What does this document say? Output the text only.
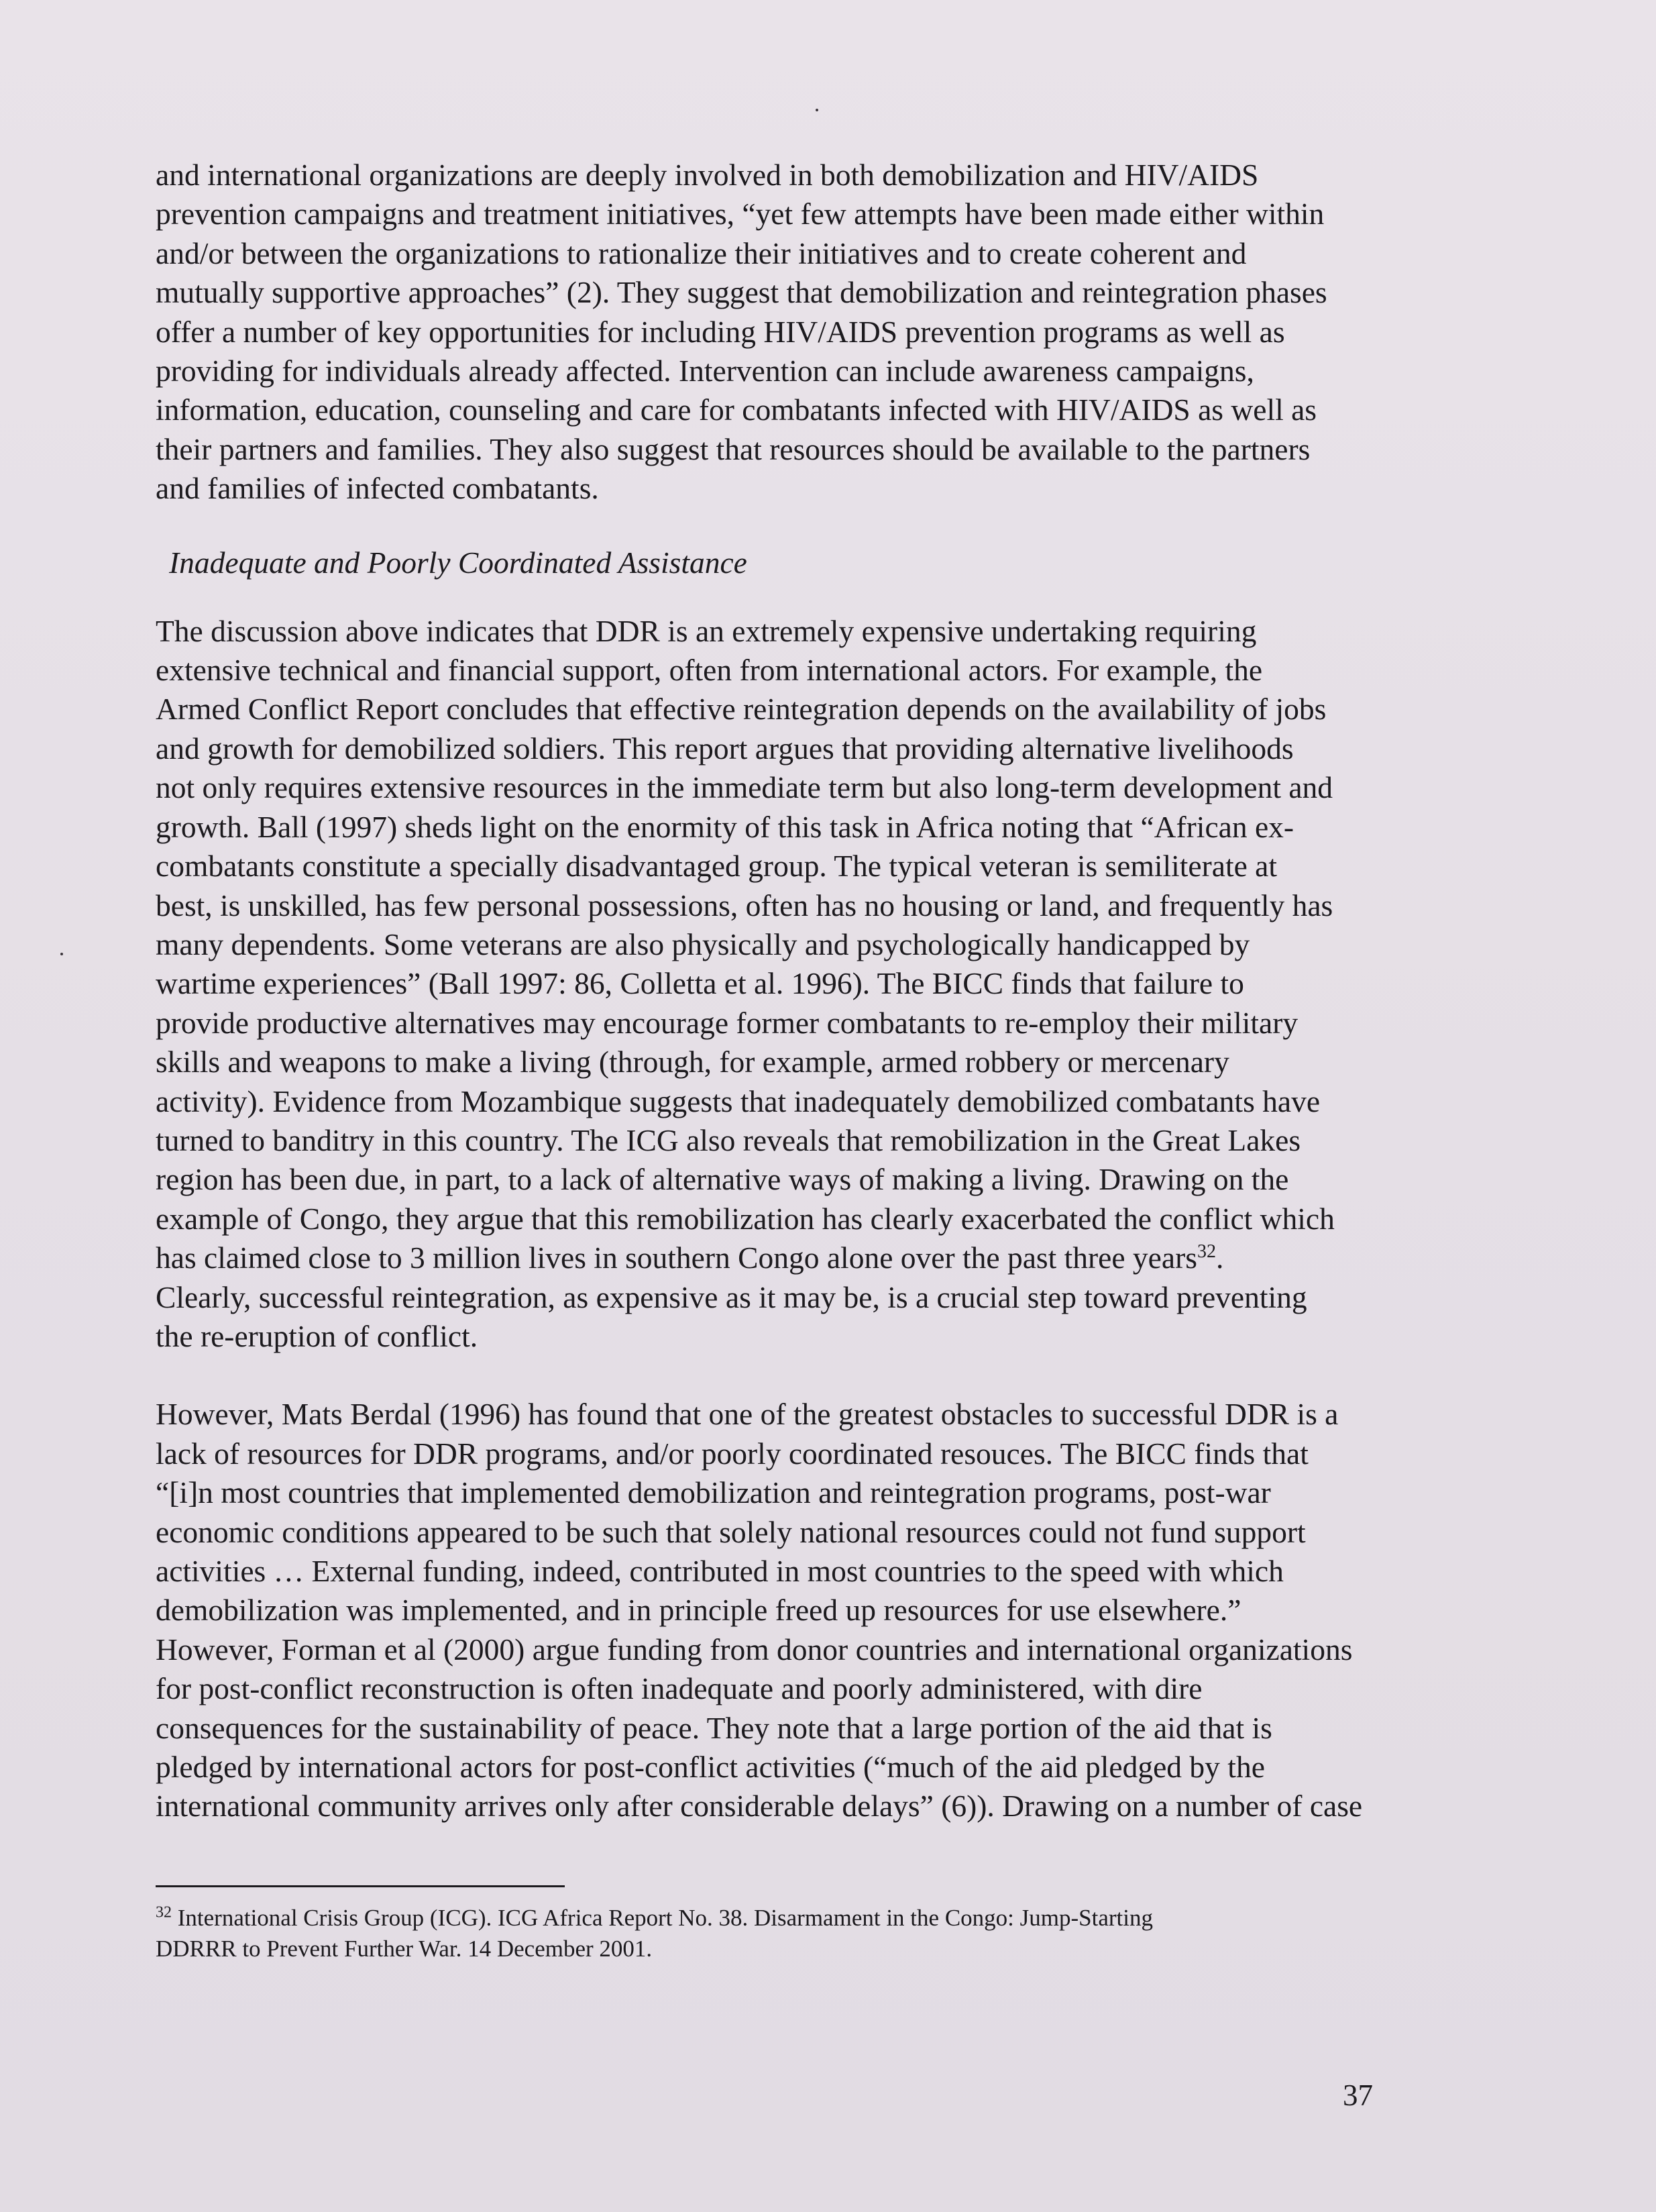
and international organizations are deeply involved in both demobilization and HIV/AIDS
prevention campaigns and treatment initiatives, “yet few attempts have been made either within
and/or between the organizations to rationalize their initiatives and to create coherent and
mutually supportive approaches” (2). They suggest that demobilization and reintegration phases
offer a number of key opportunities for including HIV/AIDS prevention programs as well as
providing for individuals already affected. Intervention can include awareness campaigns,
information, education, counseling and care for combatants infected with HIV/AIDS as well as
their partners and families. They also suggest that resources should be available to the partners
and families of infected combatants.

Inadequate and Poorly Coordinated Assistance

The discussion above indicates that DDR is an extremely expensive undertaking requiring
extensive technical and financial support, often from international actors. For example, the
Armed Conflict Report concludes that effective reintegration depends on the availability of jobs
and growth for demobilized soldiers. This report argues that providing alternative livelihoods
not only requires extensive resources in the immediate term but also long-term development and
growth. Ball (1997) sheds light on the enormity of this task in Africa noting that “African ex-
combatants constitute a specially disadvantaged group. The typical veteran is semiliterate at
best, is unskilled, has few personal possessions, often has no housing or land, and frequently has
many dependents. Some veterans are also physically and psychologically handicapped by
wartime experiences” (Ball 1997: 86, Colletta et al. 1996). The BICC finds that failure to
provide productive alternatives may encourage former combatants to re-employ their military
skills and weapons to make a living (through, for example, armed robbery or mercenary
activity). Evidence from Mozambique suggests that inadequately demobilized combatants have
turned to banditry in this country. The ICG also reveals that remobilization in the Great Lakes
region has been due, in part, to a lack of alternative ways of making a living. Drawing on the
example of Congo, they argue that this remobilization has clearly exacerbated the conflict which
has claimed close to 3 million lives in southern Congo alone over the past three years$^{32}$.
Clearly, successful reintegration, as expensive as it may be, is a crucial step toward preventing
the re-eruption of conflict.

However, Mats Berdal (1996) has found that one of the greatest obstacles to successful DDR is a
lack of resources for DDR programs, and/or poorly coordinated resouces. The BICC finds that
“[i]n most countries that implemented demobilization and reintegration programs, post-war
economic conditions appeared to be such that solely national resources could not fund support
activities … External funding, indeed, contributed in most countries to the speed with which
demobilization was implemented, and in principle freed up resources for use elsewhere.”
However, Forman et al (2000) argue funding from donor countries and international organizations
for post-conflict reconstruction is often inadequate and poorly administered, with dire
consequences for the sustainability of peace. They note that a large portion of the aid that is
pledged by international actors for post-conflict activities (“much of the aid pledged by the
international community arrives only after considerable delays” (6)). Drawing on a number of case

$^{32}$ International Crisis Group (ICG). ICG Africa Report No. 38. Disarmament in the Congo: Jump-Starting
DDRRR to Prevent Further War. 14 December 2001.
37
